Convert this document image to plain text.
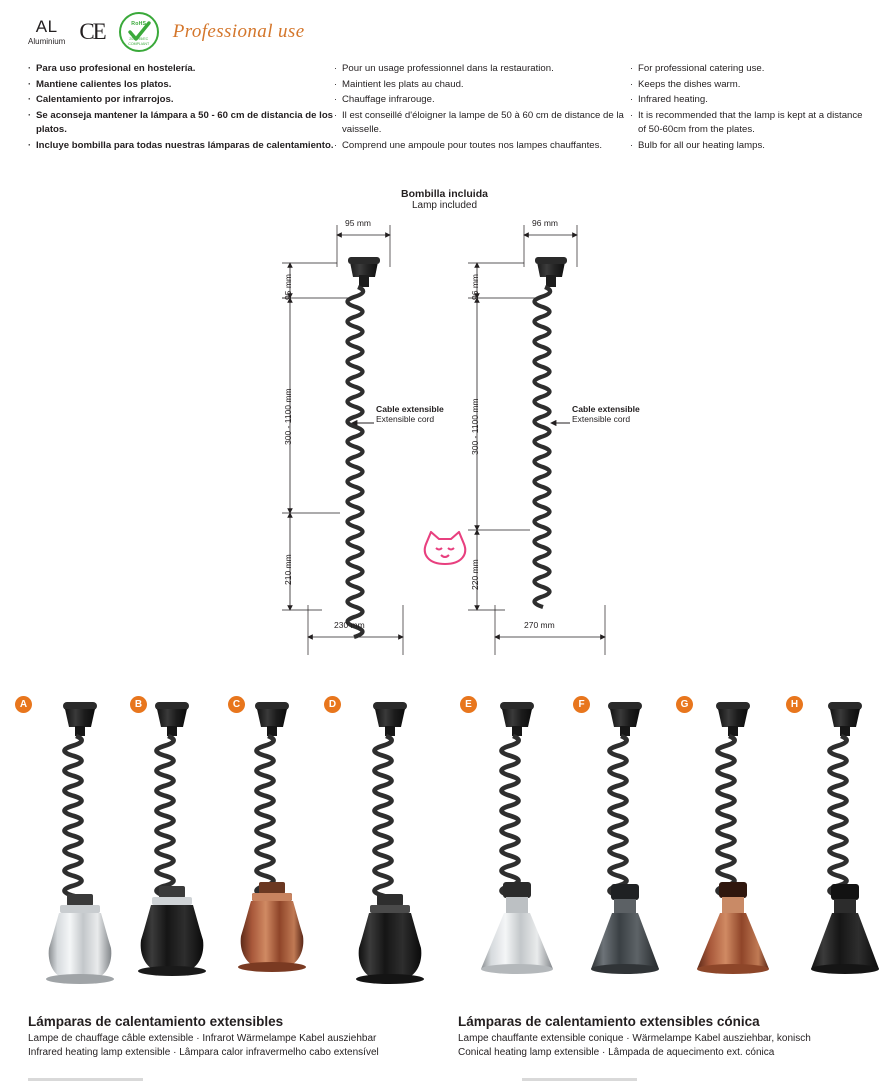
AL
Aluminium CE	RoHS
2002/95/EC COMPLIANT
Professional use
· Para uso profesional en hostelería.
· Mantiene calientes los platos.
· Calentamiento por infrarrojos.
· Se aconseja mantener la lámpara a 50 - 60 cm de distancia de los platos.
· Incluye bombilla para todas nuestras lámparas de calentamiento.
· Pour un usage professionnel dans la restauration.
· Maintient les plats au chaud.
· Chauffage infrarouge.
· Il est conseillé d'éloigner la lampe de 50 à 60 cm de distance de la vaisselle.
· Comprend une ampoule pour toutes nos lampes chauffantes.
· For professional catering use.
· Keeps the dishes warm.
· Infrared heating.
· It is recommended that the lamp is kept at a distance of 50-60cm from the plates.
· Bulb for all our heating lamps.
Bombilla incluida
Lamp included
95 mm
95 mm
300 - 1100 mm
210 mm
230 mm
Cable extensible
Extensible cord
96 mm
96 mm
300 - 1100 mm
220 mm
270 mm
Cable extensible
Extensible cord
A	B	C	D	E	F	G	H
Lámparas de calentamiento extensibles
Lampe de chauffage câble extensible · Infrarot Wärmelampe Kabel ausziehbar
Infrared heating lamp extensible · Lâmpara calor infravermelho cabo extensível
Lámparas de calentamiento extensibles cónica
Lampe chauffante extensible conique · Wärmelampe Kabel ausziehbar, konisch
Conical heating lamp extensible · Lâmpada de aquecimento ext. cónica
